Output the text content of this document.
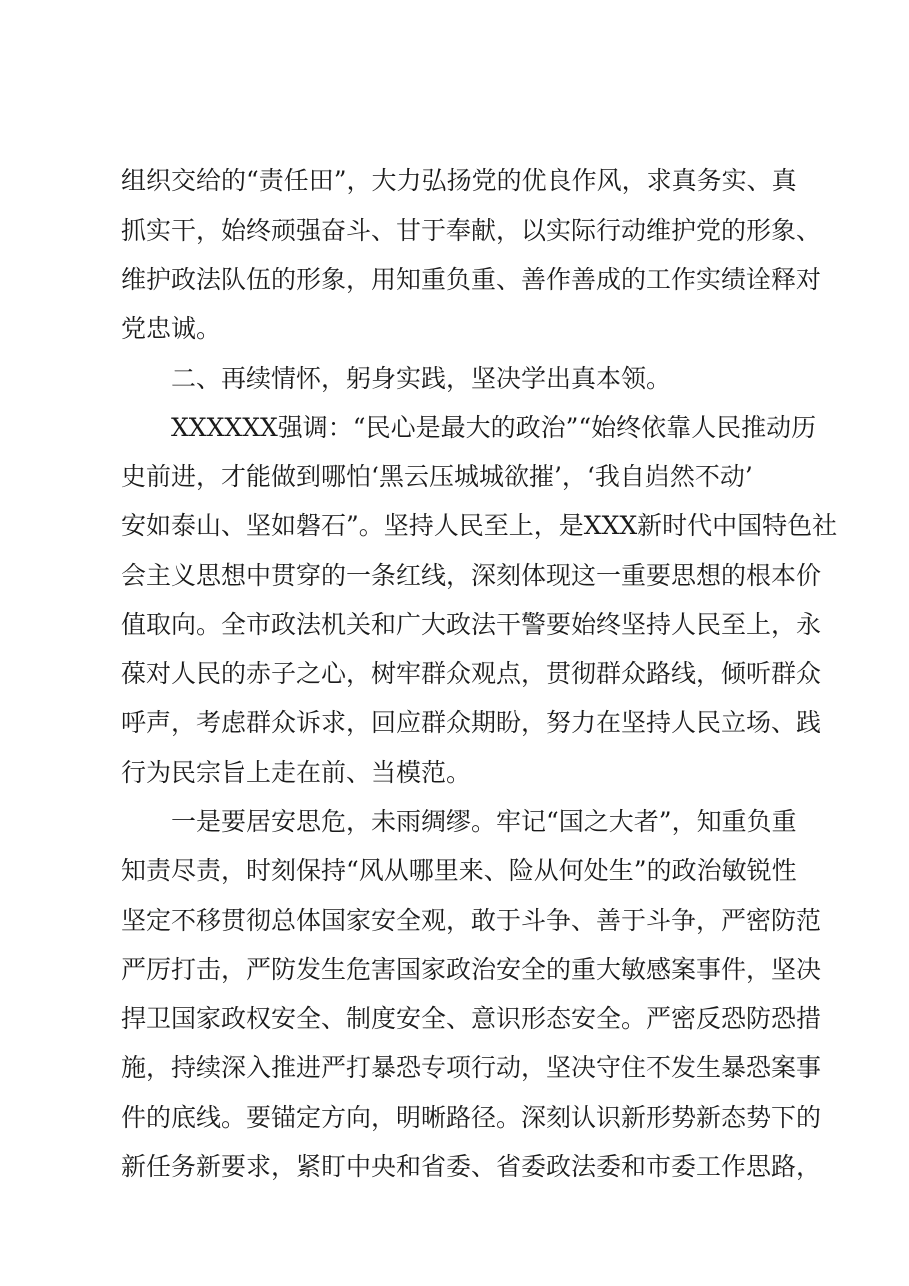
组织交给的“责任田”，大力弘扬党的优良作风，求真务实、真
抓实干，始终顽强奋斗、甘于奉献，以实际行动维护党的形象、
维护政法队伍的形象，用知重负重、善作善成的工作实绩诠释对
党忠诚。
二、再续情怀，躬身实践，坚决学出真本领。
XXXXXX强调：“民心是最大的政治”“始终依靠人民推动历
史前进，才能做到哪怕‘黑云压城城欲摧’，‘我自岿然不动’
安如泰山、坚如磐石”。坚持人民至上，是XXX新时代中国特色社
会主义思想中贯穿的一条红线，深刻体现这一重要思想的根本价
值取向。全市政法机关和广大政法干警要始终坚持人民至上，永
葆对人民的赤子之心，树牢群众观点，贯彻群众路线，倾听群众
呼声，考虑群众诉求，回应群众期盼，努力在坚持人民立场、践
行为民宗旨上走在前、当模范。
一是要居安思危，未雨绸缪。牢记“国之大者”，知重负重
知责尽责，时刻保持“风从哪里来、险从何处生”的政治敏锐性
坚定不移贯彻总体国家安全观，敢于斗争、善于斗争，严密防范
严厉打击，严防发生危害国家政治安全的重大敏感案事件，坚决
捍卫国家政权安全、制度安全、意识形态安全。严密反恐防恐措
施，持续深入推进严打暴恐专项行动，坚决守住不发生暴恐案事
件的底线。要锚定方向，明晰路径。深刻认识新形势新态势下的
新任务新要求，紧盯中央和省委、省委政法委和市委工作思路，
